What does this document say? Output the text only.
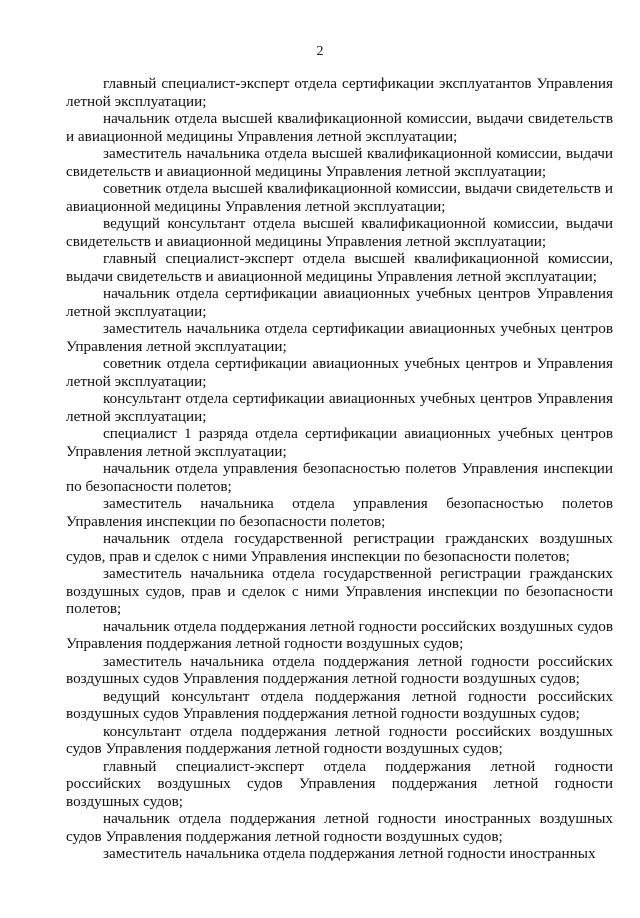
2

главный специалист-эксперт отдела сертификации эксплуатантов Управления летной эксплуатации;

начальник отдела высшей квалификационной комиссии, выдачи свидетельств и авиационной медицины Управления летной эксплуатации;

заместитель начальника отдела высшей квалификационной комиссии, выдачи свидетельств и авиационной медицины Управления летной эксплуатации;

советник отдела высшей квалификационной комиссии, выдачи свидетельств и авиационной медицины Управления летной эксплуатации;

ведущий консультант отдела высшей квалификационной комиссии, выдачи свидетельств и авиационной медицины Управления летной эксплуатации;

главный специалист-эксперт отдела высшей квалификационной комиссии, выдачи свидетельств и авиационной медицины Управления летной эксплуатации;

начальник отдела сертификации авиационных учебных центров Управления летной эксплуатации;

заместитель начальника отдела сертификации авиационных учебных центров Управления летной эксплуатации;

советник отдела сертификации авиационных учебных центров и Управления летной эксплуатации;

консультант отдела сертификации авиационных учебных центров Управления летной эксплуатации;

специалист 1 разряда отдела сертификации авиационных учебных центров Управления летной эксплуатации;

начальник отдела управления безопасностью полетов Управления инспекции по безопасности полетов;

заместитель начальника отдела управления безопасностью полетов Управления инспекции по безопасности полетов;

начальник отдела государственной регистрации гражданских воздушных судов, прав и сделок с ними Управления инспекции по безопасности полетов;

заместитель начальника отдела государственной регистрации гражданских воздушных судов, прав и сделок с ними Управления инспекции по безопасности полетов;

начальник отдела поддержания летной годности российских воздушных судов Управления поддержания летной годности воздушных судов;

заместитель начальника отдела поддержания летной годности российских воздушных судов Управления поддержания летной годности воздушных судов;

ведущий консультант отдела поддержания летной годности российских воздушных судов Управления поддержания летной годности воздушных судов;

консультант отдела поддержания летной годности российских воздушных судов Управления поддержания летной годности воздушных судов;

главный специалист-эксперт отдела поддержания летной годности российских воздушных судов Управления поддержания летной годности воздушных судов;

начальник отдела поддержания летной годности иностранных воздушных судов Управления поддержания летной годности воздушных судов;

заместитель начальника отдела поддержания летной годности иностранных
